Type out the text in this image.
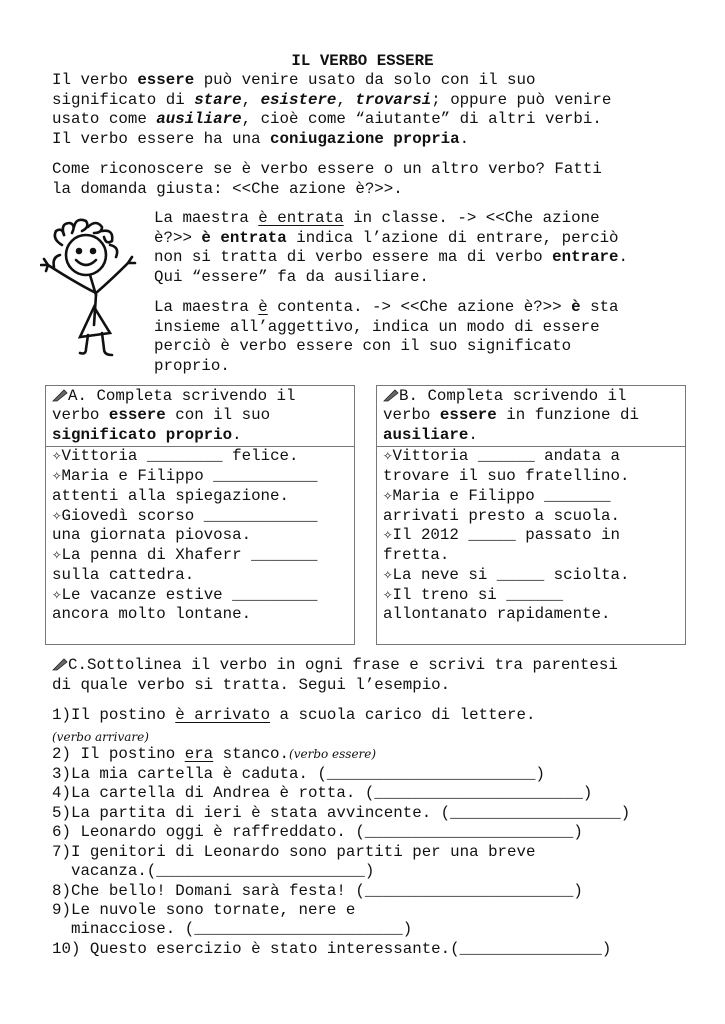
IL VERBO ESSERE
Il verbo essere può venire usato da solo con il suo
significato di stare, esistere, trovarsi; oppure può venire
usato come ausiliare, cioè come “aiutante” di altri verbi.
Il verbo essere ha una coniugazione propria.
Come riconoscere se è verbo essere o un altro verbo? Fatti
la domanda giusta: <<Che azione è?>>.
La maestra è entrata in classe. -> <<Che azione
è?>> è entrata indica l’azione di entrare, perciò
non si tratta di verbo essere ma di verbo entrare.
Qui “essere” fa da ausiliare.
La maestra è contenta. -> <<Che azione è?>> è sta
insieme all’aggettivo, indica un modo di essere
perciò è verbo essere con il suo significato
proprio.
A. Completa scrivendo il
verbo essere con il suo
significato proprio.
✧Vittoria ________ felice.
✧Maria e Filippo ___________
attenti alla spiegazione.
✧Giovedì scorso ____________
una giornata piovosa.
✧La penna di Xhaferr _______
sulla cattedra.
✧Le vacanze estive _________
ancora molto lontane.
B. Completa scrivendo il
verbo essere in funzione di
ausiliare.
✧Vittoria ______ andata a
trovare il suo fratellino.
✧Maria e Filippo _______
arrivati presto a scuola.
✧Il 2012 _____ passato in
fretta.
✧La neve si _____ sciolta.
✧Il treno si ______
allontanato rapidamente.
C.Sottolinea il verbo in ogni frase e scrivi tra parentesi
di quale verbo si tratta. Segui l’esempio.
1)Il postino è arrivato a scuola carico di lettere.
(verbo arrivare)
2) Il postino era stanco.(verbo essere)
3)La mia cartella è caduta. (______________________)
4)La cartella di Andrea è rotta. (______________________)
5)La partita di ieri è stata avvincente. (__________________)
6) Leonardo oggi è raffreddato. (______________________)
7)I genitori di Leonardo sono partiti per una breve
vacanza.(______________________)
8)Che bello! Domani sarà festa! (______________________)
9)Le nuvole sono tornate, nere e
minacciose. (______________________)
10) Questo esercizio è stato interessante.(_______________)
